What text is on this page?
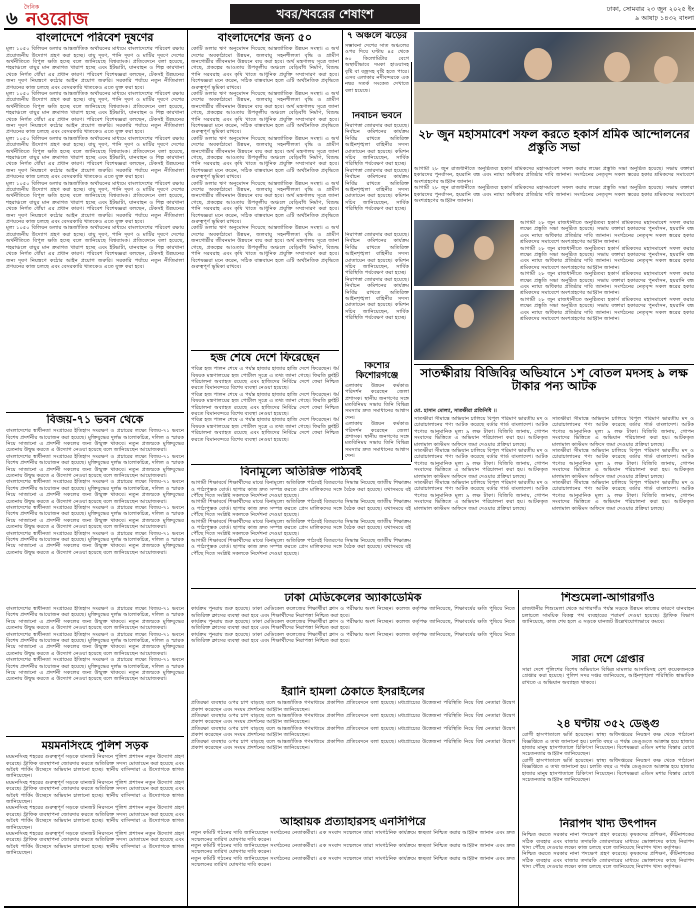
৬
দৈনিক
নওরোজ	খবর/খবরের শেষাংশ	ঢাকা, সোমবার ২৩ জুন ২০২৫ ইং
৯ আষাঢ় ১৪৩২ বাংলা
বাংলাদেশে পরিবেশ দূষণের
মূল্য ১০৫০ বিলিয়ন ডলার আন্তর্জাতিক অর্থায়নের মাধ্যমে বাংলাদেশের পরিবেশ রক্ষায় প্রয়োজনীয় উদ্যোগ গ্রহণ করা হচ্ছে। বায়ু দূষণ, পানি দূষণ ও মাটির দূষণে দেশের অর্থনীতিতে বিপুল ক্ষতি হচ্ছে বলে জানিয়েছে বিশ্বব্যাংক। প্রতিবেদনে বলা হয়েছে, শহরাঞ্চলে বায়ুর মান ক্রমাগত খারাপ হচ্ছে এবং ইটভাটা, যানবাহন ও শিল্প কারখানা থেকে নির্গত ধোঁয়া এর প্রধান কারণ। পরিবেশ বিশেষজ্ঞরা বলছেন, টেকসই উন্নয়নের জন্য দূষণ নিয়ন্ত্রণে কঠোর আইন প্রয়োগ জরুরি। সরকারি পর্যায়ে নতুন নীতিমালা প্রণয়নের কাজ চলছে এবং বেসরকারি খাতকেও এতে যুক্ত করা হবে।
মূল্য ১০৫০ বিলিয়ন ডলার আন্তর্জাতিক অর্থায়নের মাধ্যমে বাংলাদেশের পরিবেশ রক্ষায় প্রয়োজনীয় উদ্যোগ গ্রহণ করা হচ্ছে। বায়ু দূষণ, পানি দূষণ ও মাটির দূষণে দেশের অর্থনীতিতে বিপুল ক্ষতি হচ্ছে বলে জানিয়েছে বিশ্বব্যাংক। প্রতিবেদনে বলা হয়েছে, শহরাঞ্চলে বায়ুর মান ক্রমাগত খারাপ হচ্ছে এবং ইটভাটা, যানবাহন ও শিল্প কারখানা থেকে নির্গত ধোঁয়া এর প্রধান কারণ। পরিবেশ বিশেষজ্ঞরা বলছেন, টেকসই উন্নয়নের জন্য দূষণ নিয়ন্ত্রণে কঠোর আইন প্রয়োগ জরুরি। সরকারি পর্যায়ে নতুন নীতিমালা প্রণয়নের কাজ চলছে এবং বেসরকারি খাতকেও এতে যুক্ত করা হবে।
মূল্য ১০৫০ বিলিয়ন ডলার আন্তর্জাতিক অর্থায়নের মাধ্যমে বাংলাদেশের পরিবেশ রক্ষায় প্রয়োজনীয় উদ্যোগ গ্রহণ করা হচ্ছে। বায়ু দূষণ, পানি দূষণ ও মাটির দূষণে দেশের অর্থনীতিতে বিপুল ক্ষতি হচ্ছে বলে জানিয়েছে বিশ্বব্যাংক। প্রতিবেদনে বলা হয়েছে, শহরাঞ্চলে বায়ুর মান ক্রমাগত খারাপ হচ্ছে এবং ইটভাটা, যানবাহন ও শিল্প কারখানা থেকে নির্গত ধোঁয়া এর প্রধান কারণ। পরিবেশ বিশেষজ্ঞরা বলছেন, টেকসই উন্নয়নের জন্য দূষণ নিয়ন্ত্রণে কঠোর আইন প্রয়োগ জরুরি। সরকারি পর্যায়ে নতুন নীতিমালা প্রণয়নের কাজ চলছে এবং বেসরকারি খাতকেও এতে যুক্ত করা হবে।
মূল্য ১০৫০ বিলিয়ন ডলার আন্তর্জাতিক অর্থায়নের মাধ্যমে বাংলাদেশের পরিবেশ রক্ষায় প্রয়োজনীয় উদ্যোগ গ্রহণ করা হচ্ছে। বায়ু দূষণ, পানি দূষণ ও মাটির দূষণে দেশের অর্থনীতিতে বিপুল ক্ষতি হচ্ছে বলে জানিয়েছে বিশ্বব্যাংক। প্রতিবেদনে বলা হয়েছে, শহরাঞ্চলে বায়ুর মান ক্রমাগত খারাপ হচ্ছে এবং ইটভাটা, যানবাহন ও শিল্প কারখানা থেকে নির্গত ধোঁয়া এর প্রধান কারণ। পরিবেশ বিশেষজ্ঞরা বলছেন, টেকসই উন্নয়নের জন্য দূষণ নিয়ন্ত্রণে কঠোর আইন প্রয়োগ জরুরি। সরকারি পর্যায়ে নতুন নীতিমালা প্রণয়নের কাজ চলছে এবং বেসরকারি খাতকেও এতে যুক্ত করা হবে।
মূল্য ১০৫০ বিলিয়ন ডলার আন্তর্জাতিক অর্থায়নের মাধ্যমে বাংলাদেশের পরিবেশ রক্ষায় প্রয়োজনীয় উদ্যোগ গ্রহণ করা হচ্ছে। বায়ু দূষণ, পানি দূষণ ও মাটির দূষণে দেশের অর্থনীতিতে বিপুল ক্ষতি হচ্ছে বলে জানিয়েছে বিশ্বব্যাংক। প্রতিবেদনে বলা হয়েছে, শহরাঞ্চলে বায়ুর মান ক্রমাগত খারাপ হচ্ছে এবং ইটভাটা, যানবাহন ও শিল্প কারখানা থেকে নির্গত ধোঁয়া এর প্রধান কারণ। পরিবেশ বিশেষজ্ঞরা বলছেন, টেকসই উন্নয়নের জন্য দূষণ নিয়ন্ত্রণে কঠোর আইন প্রয়োগ জরুরি। সরকারি পর্যায়ে নতুন নীতিমালা প্রণয়নের কাজ চলছে এবং বেসরকারি খাতকেও এতে যুক্ত করা হবে।
বিজয়-৭১ ভবন থেকে
বাংলাদেশের স্বাধীনতা সংগ্রামের ইতিহাস সংরক্ষণ ও প্রচারের লক্ষ্যে বিজয়-৭১ ভবনে বিশেষ প্রদর্শনীর আয়োজন করা হয়েছে। মুক্তিযুদ্ধের দুর্লভ আলোকচিত্র, দলিল ও স্মারক নিয়ে সাজানো এ প্রদর্শনী সকলের জন্য উন্মুক্ত থাকবে। নতুন প্রজন্মকে মুক্তিযুদ্ধের চেতনায় উদ্বুদ্ধ করতে এ উদ্যোগ নেওয়া হয়েছে বলে জানিয়েছেন আয়োজকরা।
বাংলাদেশের স্বাধীনতা সংগ্রামের ইতিহাস সংরক্ষণ ও প্রচারের লক্ষ্যে বিজয়-৭১ ভবনে বিশেষ প্রদর্শনীর আয়োজন করা হয়েছে। মুক্তিযুদ্ধের দুর্লভ আলোকচিত্র, দলিল ও স্মারক নিয়ে সাজানো এ প্রদর্শনী সকলের জন্য উন্মুক্ত থাকবে। নতুন প্রজন্মকে মুক্তিযুদ্ধের চেতনায় উদ্বুদ্ধ করতে এ উদ্যোগ নেওয়া হয়েছে বলে জানিয়েছেন আয়োজকরা।
বাংলাদেশের স্বাধীনতা সংগ্রামের ইতিহাস সংরক্ষণ ও প্রচারের লক্ষ্যে বিজয়-৭১ ভবনে বিশেষ প্রদর্শনীর আয়োজন করা হয়েছে। মুক্তিযুদ্ধের দুর্লভ আলোকচিত্র, দলিল ও স্মারক নিয়ে সাজানো এ প্রদর্শনী সকলের জন্য উন্মুক্ত থাকবে। নতুন প্রজন্মকে মুক্তিযুদ্ধের চেতনায় উদ্বুদ্ধ করতে এ উদ্যোগ নেওয়া হয়েছে বলে জানিয়েছেন আয়োজকরা।
বাংলাদেশের স্বাধীনতা সংগ্রামের ইতিহাস সংরক্ষণ ও প্রচারের লক্ষ্যে বিজয়-৭১ ভবনে বিশেষ প্রদর্শনীর আয়োজন করা হয়েছে। মুক্তিযুদ্ধের দুর্লভ আলোকচিত্র, দলিল ও স্মারক নিয়ে সাজানো এ প্রদর্শনী সকলের জন্য উন্মুক্ত থাকবে। নতুন প্রজন্মকে মুক্তিযুদ্ধের চেতনায় উদ্বুদ্ধ করতে এ উদ্যোগ নেওয়া হয়েছে বলে জানিয়েছেন আয়োজকরা।
বাংলাদেশের স্বাধীনতা সংগ্রামের ইতিহাস সংরক্ষণ ও প্রচারের লক্ষ্যে বিজয়-৭১ ভবনে বিশেষ প্রদর্শনীর আয়োজন করা হয়েছে। মুক্তিযুদ্ধের দুর্লভ আলোকচিত্র, দলিল ও স্মারক নিয়ে সাজানো এ প্রদর্শনী সকলের জন্য উন্মুক্ত থাকবে। নতুন প্রজন্মকে মুক্তিযুদ্ধের চেতনায় উদ্বুদ্ধ করতে এ উদ্যোগ নেওয়া হয়েছে বলে জানিয়েছেন আয়োজকরা।
বাংলাদেশের স্বাধীনতা সংগ্রামের ইতিহাস সংরক্ষণ ও প্রচারের লক্ষ্যে বিজয়-৭১ ভবনে বিশেষ প্রদর্শনীর আয়োজন করা হয়েছে। মুক্তিযুদ্ধের দুর্লভ আলোকচিত্র, দলিল ও স্মারক নিয়ে সাজানো এ প্রদর্শনী সকলের জন্য উন্মুক্ত থাকবে। নতুন প্রজন্মকে মুক্তিযুদ্ধের চেতনায় উদ্বুদ্ধ করতে এ উদ্যোগ নেওয়া হয়েছে বলে জানিয়েছেন আয়োজকরা।
বাংলাদেশের স্বাধীনতা সংগ্রামের ইতিহাস সংরক্ষণ ও প্রচারের লক্ষ্যে বিজয়-৭১ ভবনে বিশেষ প্রদর্শনীর আয়োজন করা হয়েছে। মুক্তিযুদ্ধের দুর্লভ আলোকচিত্র, দলিল ও স্মারক নিয়ে সাজানো এ প্রদর্শনী সকলের জন্য উন্মুক্ত থাকবে। নতুন প্রজন্মকে মুক্তিযুদ্ধের চেতনায় উদ্বুদ্ধ করতে এ উদ্যোগ নেওয়া হয়েছে বলে জানিয়েছেন আয়োজকরা।
বাংলাদেশের স্বাধীনতা সংগ্রামের ইতিহাস সংরক্ষণ ও প্রচারের লক্ষ্যে বিজয়-৭১ ভবনে বিশেষ প্রদর্শনীর আয়োজন করা হয়েছে। মুক্তিযুদ্ধের দুর্লভ আলোকচিত্র, দলিল ও স্মারক নিয়ে সাজানো এ প্রদর্শনী সকলের জন্য উন্মুক্ত থাকবে। নতুন প্রজন্মকে মুক্তিযুদ্ধের চেতনায় উদ্বুদ্ধ করতে এ উদ্যোগ নেওয়া হয়েছে বলে জানিয়েছেন আয়োজকরা।
ময়মনসিংহে পুলিশ সড়ক
ময়মনসিংহ শহরের গুরুত্বপূর্ণ সড়কে যানজট নিরসনে পুলিশ প্রশাসন নতুন উদ্যোগ গ্রহণ করেছে। ট্রাফিক ব্যবস্থাপনা জোরদার করতে অতিরিক্ত সদস্য মোতায়েন করা হয়েছে এবং অবৈধ পার্কিং উচ্ছেদে অভিযান চালানো হচ্ছে। স্থানীয় বাসিন্দারা এ উদ্যোগকে স্বাগত জানিয়েছেন।
ময়মনসিংহ শহরের গুরুত্বপূর্ণ সড়কে যানজট নিরসনে পুলিশ প্রশাসন নতুন উদ্যোগ গ্রহণ করেছে। ট্রাফিক ব্যবস্থাপনা জোরদার করতে অতিরিক্ত সদস্য মোতায়েন করা হয়েছে এবং অবৈধ পার্কিং উচ্ছেদে অভিযান চালানো হচ্ছে। স্থানীয় বাসিন্দারা এ উদ্যোগকে স্বাগত জানিয়েছেন।
ময়মনসিংহ শহরের গুরুত্বপূর্ণ সড়কে যানজট নিরসনে পুলিশ প্রশাসন নতুন উদ্যোগ গ্রহণ করেছে। ট্রাফিক ব্যবস্থাপনা জোরদার করতে অতিরিক্ত সদস্য মোতায়েন করা হয়েছে এবং অবৈধ পার্কিং উচ্ছেদে অভিযান চালানো হচ্ছে। স্থানীয় বাসিন্দারা এ উদ্যোগকে স্বাগত জানিয়েছেন।
ময়মনসিংহ শহরের গুরুত্বপূর্ণ সড়কে যানজট নিরসনে পুলিশ প্রশাসন নতুন উদ্যোগ গ্রহণ করেছে। ট্রাফিক ব্যবস্থাপনা জোরদার করতে অতিরিক্ত সদস্য মোতায়েন করা হয়েছে এবং অবৈধ পার্কিং উচ্ছেদে অভিযান চালানো হচ্ছে। স্থানীয় বাসিন্দারা এ উদ্যোগকে স্বাগত জানিয়েছেন।
বাংলাদেশের জন্য ৫০
কোটি ডলার ঋণ অনুমোদন দিয়েছে আন্তর্জাতিক উন্নয়ন সংস্থা। এ অর্থ দেশের অবকাঠামো উন্নয়ন, জলবায়ু সহনশীলতা বৃদ্ধি ও গ্রামীণ জনগোষ্ঠীর জীবনমান উন্নয়নে ব্যয় করা হবে। অর্থ মন্ত্রণালয় সূত্রে জানা গেছে, প্রকল্পের আওতায় উপকূলীয় অঞ্চলে বেড়িবাঁধ নির্মাণ, বিশুদ্ধ পানি সরবরাহ এবং কৃষি খাতে আধুনিক প্রযুক্তি সম্প্রসারণ করা হবে। বিশেষজ্ঞরা মনে করেন, সঠিক বাস্তবায়ন হলে এটি অর্থনৈতিক প্রবৃদ্ধিতে গুরুত্বপূর্ণ ভূমিকা রাখবে।
কোটি ডলার ঋণ অনুমোদন দিয়েছে আন্তর্জাতিক উন্নয়ন সংস্থা। এ অর্থ দেশের অবকাঠামো উন্নয়ন, জলবায়ু সহনশীলতা বৃদ্ধি ও গ্রামীণ জনগোষ্ঠীর জীবনমান উন্নয়নে ব্যয় করা হবে। অর্থ মন্ত্রণালয় সূত্রে জানা গেছে, প্রকল্পের আওতায় উপকূলীয় অঞ্চলে বেড়িবাঁধ নির্মাণ, বিশুদ্ধ পানি সরবরাহ এবং কৃষি খাতে আধুনিক প্রযুক্তি সম্প্রসারণ করা হবে। বিশেষজ্ঞরা মনে করেন, সঠিক বাস্তবায়ন হলে এটি অর্থনৈতিক প্রবৃদ্ধিতে গুরুত্বপূর্ণ ভূমিকা রাখবে।
কোটি ডলার ঋণ অনুমোদন দিয়েছে আন্তর্জাতিক উন্নয়ন সংস্থা। এ অর্থ দেশের অবকাঠামো উন্নয়ন, জলবায়ু সহনশীলতা বৃদ্ধি ও গ্রামীণ জনগোষ্ঠীর জীবনমান উন্নয়নে ব্যয় করা হবে। অর্থ মন্ত্রণালয় সূত্রে জানা গেছে, প্রকল্পের আওতায় উপকূলীয় অঞ্চলে বেড়িবাঁধ নির্মাণ, বিশুদ্ধ পানি সরবরাহ এবং কৃষি খাতে আধুনিক প্রযুক্তি সম্প্রসারণ করা হবে। বিশেষজ্ঞরা মনে করেন, সঠিক বাস্তবায়ন হলে এটি অর্থনৈতিক প্রবৃদ্ধিতে গুরুত্বপূর্ণ ভূমিকা রাখবে।
কোটি ডলার ঋণ অনুমোদন দিয়েছে আন্তর্জাতিক উন্নয়ন সংস্থা। এ অর্থ দেশের অবকাঠামো উন্নয়ন, জলবায়ু সহনশীলতা বৃদ্ধি ও গ্রামীণ জনগোষ্ঠীর জীবনমান উন্নয়নে ব্যয় করা হবে। অর্থ মন্ত্রণালয় সূত্রে জানা গেছে, প্রকল্পের আওতায় উপকূলীয় অঞ্চলে বেড়িবাঁধ নির্মাণ, বিশুদ্ধ পানি সরবরাহ এবং কৃষি খাতে আধুনিক প্রযুক্তি সম্প্রসারণ করা হবে। বিশেষজ্ঞরা মনে করেন, সঠিক বাস্তবায়ন হলে এটি অর্থনৈতিক প্রবৃদ্ধিতে গুরুত্বপূর্ণ ভূমিকা রাখবে।
কোটি ডলার ঋণ অনুমোদন দিয়েছে আন্তর্জাতিক উন্নয়ন সংস্থা। এ অর্থ দেশের অবকাঠামো উন্নয়ন, জলবায়ু সহনশীলতা বৃদ্ধি ও গ্রামীণ জনগোষ্ঠীর জীবনমান উন্নয়নে ব্যয় করা হবে। অর্থ মন্ত্রণালয় সূত্রে জানা গেছে, প্রকল্পের আওতায় উপকূলীয় অঞ্চলে বেড়িবাঁধ নির্মাণ, বিশুদ্ধ পানি সরবরাহ এবং কৃষি খাতে আধুনিক প্রযুক্তি সম্প্রসারণ করা হবে। বিশেষজ্ঞরা মনে করেন, সঠিক বাস্তবায়ন হলে এটি অর্থনৈতিক প্রবৃদ্ধিতে গুরুত্বপূর্ণ ভূমিকা রাখবে।
হজ শেষে দেশে ফিরেছেন
পবিত্র হজ পালন শেষে এ পর্যন্ত হাজার হাজার হাজি দেশে ফিরেছেন। ধর্ম বিষয়ক মন্ত্রণালয়ের হজ পোর্টাল সূত্রে এ তথ্য জানা গেছে। ফিরতি ফ্লাইট পরিচালনা অব্যাহত রয়েছে এবং হাজিদের নির্বিঘ্নে দেশে ফেরা নিশ্চিত করতে বিমানবন্দরে বিশেষ ব্যবস্থা নেওয়া হয়েছে।
পবিত্র হজ পালন শেষে এ পর্যন্ত হাজার হাজার হাজি দেশে ফিরেছেন। ধর্ম বিষয়ক মন্ত্রণালয়ের হজ পোর্টাল সূত্রে এ তথ্য জানা গেছে। ফিরতি ফ্লাইট পরিচালনা অব্যাহত রয়েছে এবং হাজিদের নির্বিঘ্নে দেশে ফেরা নিশ্চিত করতে বিমানবন্দরে বিশেষ ব্যবস্থা নেওয়া হয়েছে।
পবিত্র হজ পালন শেষে এ পর্যন্ত হাজার হাজার হাজি দেশে ফিরেছেন। ধর্ম বিষয়ক মন্ত্রণালয়ের হজ পোর্টাল সূত্রে এ তথ্য জানা গেছে। ফিরতি ফ্লাইট পরিচালনা অব্যাহত রয়েছে এবং হাজিদের নির্বিঘ্নে দেশে ফেরা নিশ্চিত করতে বিমানবন্দরে বিশেষ ব্যবস্থা নেওয়া হয়েছে।
বিনামূল্যে অতিরিক্ত পাঠ্যবই
আগামী শিক্ষাবর্ষে শিক্ষার্থীদের মাঝে বিনামূল্যে অতিরিক্ত পাঠ্যবই বিতরণের সিদ্ধান্ত নিয়েছে জাতীয় শিক্ষাক্রম ও পাঠ্যপুস্তক বোর্ড। ছাপার কাজ দ্রুত সম্পন্ন করতে প্রেস মালিকদের সঙ্গে বৈঠক করা হয়েছে। যথাসময়ে বই পৌঁছে দিতে সংশ্লিষ্ট সকলকে নির্দেশনা দেওয়া হয়েছে।
আগামী শিক্ষাবর্ষে শিক্ষার্থীদের মাঝে বিনামূল্যে অতিরিক্ত পাঠ্যবই বিতরণের সিদ্ধান্ত নিয়েছে জাতীয় শিক্ষাক্রম ও পাঠ্যপুস্তক বোর্ড। ছাপার কাজ দ্রুত সম্পন্ন করতে প্রেস মালিকদের সঙ্গে বৈঠক করা হয়েছে। যথাসময়ে বই পৌঁছে দিতে সংশ্লিষ্ট সকলকে নির্দেশনা দেওয়া হয়েছে।
আগামী শিক্ষাবর্ষে শিক্ষার্থীদের মাঝে বিনামূল্যে অতিরিক্ত পাঠ্যবই বিতরণের সিদ্ধান্ত নিয়েছে জাতীয় শিক্ষাক্রম ও পাঠ্যপুস্তক বোর্ড। ছাপার কাজ দ্রুত সম্পন্ন করতে প্রেস মালিকদের সঙ্গে বৈঠক করা হয়েছে। যথাসময়ে বই পৌঁছে দিতে সংশ্লিষ্ট সকলকে নির্দেশনা দেওয়া হয়েছে।
আগামী শিক্ষাবর্ষে শিক্ষার্থীদের মাঝে বিনামূল্যে অতিরিক্ত পাঠ্যবই বিতরণের সিদ্ধান্ত নিয়েছে জাতীয় শিক্ষাক্রম ও পাঠ্যপুস্তক বোর্ড। ছাপার কাজ দ্রুত সম্পন্ন করতে প্রেস মালিকদের সঙ্গে বৈঠক করা হয়েছে। যথাসময়ে বই পৌঁছে দিতে সংশ্লিষ্ট সকলকে নির্দেশনা দেওয়া হয়েছে।
৭ অঞ্চলে ঝড়ের
সম্ভাবনা দেশের সাত অঞ্চলের ওপর দিয়ে ঘণ্টায় ৪৫ থেকে ৬০ কিলোমিটার বেগে অস্থায়ীভাবে দমকা হাওয়াসহ বৃষ্টি বা বজ্রসহ বৃষ্টি হতে পারে। এসব এলাকার নদীবন্দরকে এক নম্বর সতর্ক সংকেত দেখাতে বলা হয়েছে।
নির্বাচন ভবনে
নিরাপত্তা জোরদার করা হয়েছে। নির্বাচন কমিশনের কার্যক্রম নির্বিঘ্ন রাখতে অতিরিক্ত আইনশৃঙ্খলা বাহিনীর সদস্য মোতায়েন করা হয়েছে। কমিশন সচিব জানিয়েছেন, সার্বিক পরিস্থিতি পর্যবেক্ষণ করা হচ্ছে।
নিরাপত্তা জোরদার করা হয়েছে। নির্বাচন কমিশনের কার্যক্রম নির্বিঘ্ন রাখতে অতিরিক্ত আইনশৃঙ্খলা বাহিনীর সদস্য মোতায়েন করা হয়েছে। কমিশন সচিব জানিয়েছেন, সার্বিক পরিস্থিতি পর্যবেক্ষণ করা হচ্ছে।
নিরাপত্তা জোরদার করা হয়েছে। নির্বাচন কমিশনের কার্যক্রম নির্বিঘ্ন রাখতে অতিরিক্ত আইনশৃঙ্খলা বাহিনীর সদস্য মোতায়েন করা হয়েছে। কমিশন সচিব জানিয়েছেন, সার্বিক পরিস্থিতি পর্যবেক্ষণ করা হচ্ছে।
নিরাপত্তা জোরদার করা হয়েছে। নির্বাচন কমিশনের কার্যক্রম নির্বিঘ্ন রাখতে অতিরিক্ত আইনশৃঙ্খলা বাহিনীর সদস্য মোতায়েন করা হয়েছে। কমিশন সচিব জানিয়েছেন, সার্বিক পরিস্থিতি পর্যবেক্ষণ করা হচ্ছে।
২৮ জুন মহাসমাবেশ সফল করতে হকার্স শ্রমিক আন্দোলনের প্রস্তুতি সভা
আগামী ২৮ জুন রাজধানীতে অনুষ্ঠিতব্য হকার্স শ্রমিকদের মহাসমাবেশ সফল করার লক্ষ্যে প্রস্তুতি সভা অনুষ্ঠিত হয়েছে। সভায় বক্তারা হকারদের পুনর্বাসন, হয়রানি বন্ধ এবং ন্যায্য অধিকার প্রতিষ্ঠার দাবি জানান। সংগঠনের নেতৃবৃন্দ সকল স্তরের হকার শ্রমিকদের সমাবেশে অংশগ্রহণের আহ্বান জানান।
আগামী ২৮ জুন রাজধানীতে অনুষ্ঠিতব্য হকার্স শ্রমিকদের মহাসমাবেশ সফল করার লক্ষ্যে প্রস্তুতি সভা অনুষ্ঠিত হয়েছে। সভায় বক্তারা হকারদের পুনর্বাসন, হয়রানি বন্ধ এবং ন্যায্য অধিকার প্রতিষ্ঠার দাবি জানান। সংগঠনের নেতৃবৃন্দ সকল স্তরের হকার শ্রমিকদের সমাবেশে অংশগ্রহণের আহ্বান জানান।
আগামী ২৮ জুন রাজধানীতে অনুষ্ঠিতব্য হকার্স শ্রমিকদের মহাসমাবেশ সফল করার লক্ষ্যে প্রস্তুতি সভা অনুষ্ঠিত হয়েছে। সভায় বক্তারা হকারদের পুনর্বাসন, হয়রানি বন্ধ এবং ন্যায্য অধিকার প্রতিষ্ঠার দাবি জানান। সংগঠনের নেতৃবৃন্দ সকল স্তরের হকার শ্রমিকদের সমাবেশে অংশগ্রহণের আহ্বান জানান।
আগামী ২৮ জুন রাজধানীতে অনুষ্ঠিতব্য হকার্স শ্রমিকদের মহাসমাবেশ সফল করার লক্ষ্যে প্রস্তুতি সভা অনুষ্ঠিত হয়েছে। সভায় বক্তারা হকারদের পুনর্বাসন, হয়রানি বন্ধ এবং ন্যায্য অধিকার প্রতিষ্ঠার দাবি জানান। সংগঠনের নেতৃবৃন্দ সকল স্তরের হকার শ্রমিকদের সমাবেশে অংশগ্রহণের আহ্বান জানান।
আগামী ২৮ জুন রাজধানীতে অনুষ্ঠিতব্য হকার্স শ্রমিকদের মহাসমাবেশ সফল করার লক্ষ্যে প্রস্তুতি সভা অনুষ্ঠিত হয়েছে। সভায় বক্তারা হকারদের পুনর্বাসন, হয়রানি বন্ধ এবং ন্যায্য অধিকার প্রতিষ্ঠার দাবি জানান। সংগঠনের নেতৃবৃন্দ সকল স্তরের হকার শ্রমিকদের সমাবেশে অংশগ্রহণের আহ্বান জানান।
আগামী ২৮ জুন রাজধানীতে অনুষ্ঠিতব্য হকার্স শ্রমিকদের মহাসমাবেশ সফল করার লক্ষ্যে প্রস্তুতি সভা অনুষ্ঠিত হয়েছে। সভায় বক্তারা হকারদের পুনর্বাসন, হয়রানি বন্ধ এবং ন্যায্য অধিকার প্রতিষ্ঠার দাবি জানান। সংগঠনের নেতৃবৃন্দ সকল স্তরের হকার শ্রমিকদের সমাবেশে অংশগ্রহণের আহ্বান জানান।
কিশোর কিশোরগঞ্জে
এলাকায় উন্নয়ন কর্মকাণ্ড পরিদর্শন করেছেন জেলা প্রশাসক। স্থানীয় জনগণের সঙ্গে মতবিনিময় সভায় তিনি বিভিন্ন সমস্যার দ্রুত সমাধানের আশ্বাস দেন।
এলাকায় উন্নয়ন কর্মকাণ্ড পরিদর্শন করেছেন জেলা প্রশাসক। স্থানীয় জনগণের সঙ্গে মতবিনিময় সভায় তিনি বিভিন্ন সমস্যার দ্রুত সমাধানের আশ্বাস দেন।
সাতক্ষীরায় বিজিবির অভিযানে ১শ বোতল মদসহ ৯ লক্ষ টাকার পন্য আটক
মো. হাসান মোল্যা, সাতক্ষীরা প্রতিনিধি ।।
সাতক্ষীরা সীমান্তে অভিযান চালিয়ে বিপুল পরিমাণ ভারতীয় মদ ও চোরাচালানের পণ্য আটক করেছে বর্ডার গার্ড বাংলাদেশ। আটক পণ্যের আনুমানিক মূল্য ৯ লক্ষ টাকা। বিজিবি জানায়, গোপন সংবাদের ভিত্তিতে এ অভিযান পরিচালনা করা হয়। আটককৃত মালামাল কাস্টমস অফিসে জমা দেওয়ার প্রক্রিয়া চলছে।
সাতক্ষীরা সীমান্তে অভিযান চালিয়ে বিপুল পরিমাণ ভারতীয় মদ ও চোরাচালানের পণ্য আটক করেছে বর্ডার গার্ড বাংলাদেশ। আটক পণ্যের আনুমানিক মূল্য ৯ লক্ষ টাকা। বিজিবি জানায়, গোপন সংবাদের ভিত্তিতে এ অভিযান পরিচালনা করা হয়। আটককৃত মালামাল কাস্টমস অফিসে জমা দেওয়ার প্রক্রিয়া চলছে।
সাতক্ষীরা সীমান্তে অভিযান চালিয়ে বিপুল পরিমাণ ভারতীয় মদ ও চোরাচালানের পণ্য আটক করেছে বর্ডার গার্ড বাংলাদেশ। আটক পণ্যের আনুমানিক মূল্য ৯ লক্ষ টাকা। বিজিবি জানায়, গোপন সংবাদের ভিত্তিতে এ অভিযান পরিচালনা করা হয়। আটককৃত মালামাল কাস্টমস অফিসে জমা দেওয়ার প্রক্রিয়া চলছে।
সাতক্ষীরা সীমান্তে অভিযান চালিয়ে বিপুল পরিমাণ ভারতীয় মদ ও চোরাচালানের পণ্য আটক করেছে বর্ডার গার্ড বাংলাদেশ। আটক পণ্যের আনুমানিক মূল্য ৯ লক্ষ টাকা। বিজিবি জানায়, গোপন সংবাদের ভিত্তিতে এ অভিযান পরিচালনা করা হয়। আটককৃত মালামাল কাস্টমস অফিসে জমা দেওয়ার প্রক্রিয়া চলছে।
সাতক্ষীরা সীমান্তে অভিযান চালিয়ে বিপুল পরিমাণ ভারতীয় মদ ও চোরাচালানের পণ্য আটক করেছে বর্ডার গার্ড বাংলাদেশ। আটক পণ্যের আনুমানিক মূল্য ৯ লক্ষ টাকা। বিজিবি জানায়, গোপন সংবাদের ভিত্তিতে এ অভিযান পরিচালনা করা হয়। আটককৃত মালামাল কাস্টমস অফিসে জমা দেওয়ার প্রক্রিয়া চলছে।
সাতক্ষীরা সীমান্তে অভিযান চালিয়ে বিপুল পরিমাণ ভারতীয় মদ ও চোরাচালানের পণ্য আটক করেছে বর্ডার গার্ড বাংলাদেশ। আটক পণ্যের আনুমানিক মূল্য ৯ লক্ষ টাকা। বিজিবি জানায়, গোপন সংবাদের ভিত্তিতে এ অভিযান পরিচালনা করা হয়। আটককৃত মালামাল কাস্টমস অফিসে জমা দেওয়ার প্রক্রিয়া চলছে।
ঢাকা মেডিকেলের অ্যাকাডেমিক
কার্যক্রম পুনরায় শুরু হয়েছে। ঢাকা মেডিকেল কলেজের শিক্ষার্থীরা ক্লাস ও পরীক্ষায় অংশ নিচ্ছেন। কলেজ কর্তৃপক্ষ জানিয়েছে, শিক্ষাবর্ষের ক্ষতি পুষিয়ে নিতে অতিরিক্ত ক্লাসের ব্যবস্থা করা হবে এবং শিক্ষার্থীদের নিরাপত্তা নিশ্চিত করা হবে।
কার্যক্রম পুনরায় শুরু হয়েছে। ঢাকা মেডিকেল কলেজের শিক্ষার্থীরা ক্লাস ও পরীক্ষায় অংশ নিচ্ছেন। কলেজ কর্তৃপক্ষ জানিয়েছে, শিক্ষাবর্ষের ক্ষতি পুষিয়ে নিতে অতিরিক্ত ক্লাসের ব্যবস্থা করা হবে এবং শিক্ষার্থীদের নিরাপত্তা নিশ্চিত করা হবে।
কার্যক্রম পুনরায় শুরু হয়েছে। ঢাকা মেডিকেল কলেজের শিক্ষার্থীরা ক্লাস ও পরীক্ষায় অংশ নিচ্ছেন। কলেজ কর্তৃপক্ষ জানিয়েছে, শিক্ষাবর্ষের ক্ষতি পুষিয়ে নিতে অতিরিক্ত ক্লাসের ব্যবস্থা করা হবে এবং শিক্ষার্থীদের নিরাপত্তা নিশ্চিত করা হবে।
ইরানি হামলা ঠেকাতে ইসরাইলের
প্রতিরক্ষা ব্যবস্থার ওপর চাপ বাড়ছে বলে আন্তর্জাতিক গণমাধ্যমে প্রকাশিত প্রতিবেদনে বলা হয়েছে। মধ্যপ্রাচ্যের উত্তেজনা পরিস্থিতি নিয়ে বিশ্ব নেতারা উদ্বেগ প্রকাশ করেছেন এবং সংযম প্রদর্শনের আহ্বান জানিয়েছেন।
প্রতিরক্ষা ব্যবস্থার ওপর চাপ বাড়ছে বলে আন্তর্জাতিক গণমাধ্যমে প্রকাশিত প্রতিবেদনে বলা হয়েছে। মধ্যপ্রাচ্যের উত্তেজনা পরিস্থিতি নিয়ে বিশ্ব নেতারা উদ্বেগ প্রকাশ করেছেন এবং সংযম প্রদর্শনের আহ্বান জানিয়েছেন।
প্রতিরক্ষা ব্যবস্থার ওপর চাপ বাড়ছে বলে আন্তর্জাতিক গণমাধ্যমে প্রকাশিত প্রতিবেদনে বলা হয়েছে। মধ্যপ্রাচ্যের উত্তেজনা পরিস্থিতি নিয়ে বিশ্ব নেতারা উদ্বেগ প্রকাশ করেছেন এবং সংযম প্রদর্শনের আহ্বান জানিয়েছেন।
প্রতিরক্ষা ব্যবস্থার ওপর চাপ বাড়ছে বলে আন্তর্জাতিক গণমাধ্যমে প্রকাশিত প্রতিবেদনে বলা হয়েছে। মধ্যপ্রাচ্যের উত্তেজনা পরিস্থিতি নিয়ে বিশ্ব নেতারা উদ্বেগ প্রকাশ করেছেন এবং সংযম প্রদর্শনের আহ্বান জানিয়েছেন।
আহ্বায়ক প্রত্যাহারসহ এনসিপিরে
নতুন কমিটি গঠনের দাবি জানিয়েছেন সংগঠনের নেতাকর্মীরা। এক সংবাদ সম্মেলনে তারা সাংগঠনিক কার্যক্রমে স্বচ্ছতা নিশ্চিত করার আহ্বান জানান এবং দ্রুত সম্মেলনের তারিখ ঘোষণার দাবি করেন।
নতুন কমিটি গঠনের দাবি জানিয়েছেন সংগঠনের নেতাকর্মীরা। এক সংবাদ সম্মেলনে তারা সাংগঠনিক কার্যক্রমে স্বচ্ছতা নিশ্চিত করার আহ্বান জানান এবং দ্রুত সম্মেলনের তারিখ ঘোষণার দাবি করেন।
নতুন কমিটি গঠনের দাবি জানিয়েছেন সংগঠনের নেতাকর্মীরা। এক সংবাদ সম্মেলনে তারা সাংগঠনিক কার্যক্রমে স্বচ্ছতা নিশ্চিত করার আহ্বান জানান এবং দ্রুত সম্মেলনের তারিখ ঘোষণার দাবি করেন।
শিশুমেলা-আগারগাঁও
রাজধানীর শিশুমেলা থেকে আগারগাঁও পর্যন্ত সড়কে উন্নয়ন কাজের কারণে যানবাহন চলাচলে সাময়িক বিকল্প পথ ব্যবহারের পরামর্শ দেওয়া হয়েছে। ট্রাফিক বিভাগ জানিয়েছে, কাজ শেষ হলে এ সড়কে যানজট উল্লেখযোগ্যভাবে কমবে।
সারা দেশে গ্রেপ্তার
সারা দেশে পুলিশের বিশেষ অভিযানে বিভিন্ন মামলার আসামিসহ বেশ কয়েকজনকে গ্রেপ্তার করা হয়েছে। পুলিশ সদর দপ্তর জানিয়েছে, আইনশৃঙ্খলা পরিস্থিতি স্বাভাবিক রাখতে এ অভিযান অব্যাহত থাকবে।
২৪ ঘণ্টায় ৩৫২ ডেঙ্গু
রোগী হাসপাতালে ভর্তি হয়েছেন। স্বাস্থ্য অধিদপ্তরের নিয়ন্ত্রণ কক্ষ থেকে পাঠানো বিজ্ঞপ্তিতে এ তথ্য জানানো হয়। চলতি বছর এ পর্যন্ত ডেঙ্গুতে আক্রান্ত হয়ে হাজার হাজার মানুষ হাসপাতালে চিকিৎসা নিয়েছেন। বিশেষজ্ঞরা এডিস মশার বিস্তার রোধে সচেতনতার আহ্বান জানিয়েছেন।
রোগী হাসপাতালে ভর্তি হয়েছেন। স্বাস্থ্য অধিদপ্তরের নিয়ন্ত্রণ কক্ষ থেকে পাঠানো বিজ্ঞপ্তিতে এ তথ্য জানানো হয়। চলতি বছর এ পর্যন্ত ডেঙ্গুতে আক্রান্ত হয়ে হাজার হাজার মানুষ হাসপাতালে চিকিৎসা নিয়েছেন। বিশেষজ্ঞরা এডিস মশার বিস্তার রোধে সচেতনতার আহ্বান জানিয়েছেন।
নিরাপদ খাদ্য উৎপাদন
নিশ্চিত করতে সরকার নানা পদক্ষেপ গ্রহণ করেছে। কৃষকদের প্রশিক্ষণ, কীটনাশকের সঠিক ব্যবহার এবং বাজার তদারকি জোরদারের মাধ্যমে ভোক্তাদের কাছে নিরাপদ খাদ্য পৌঁছে দেওয়ার লক্ষ্যে কাজ চলছে বলে জানিয়েছে নিরাপদ খাদ্য কর্তৃপক্ষ।
নিশ্চিত করতে সরকার নানা পদক্ষেপ গ্রহণ করেছে। কৃষকদের প্রশিক্ষণ, কীটনাশকের সঠিক ব্যবহার এবং বাজার তদারকি জোরদারের মাধ্যমে ভোক্তাদের কাছে নিরাপদ খাদ্য পৌঁছে দেওয়ার লক্ষ্যে কাজ চলছে বলে জানিয়েছে নিরাপদ খাদ্য কর্তৃপক্ষ।
